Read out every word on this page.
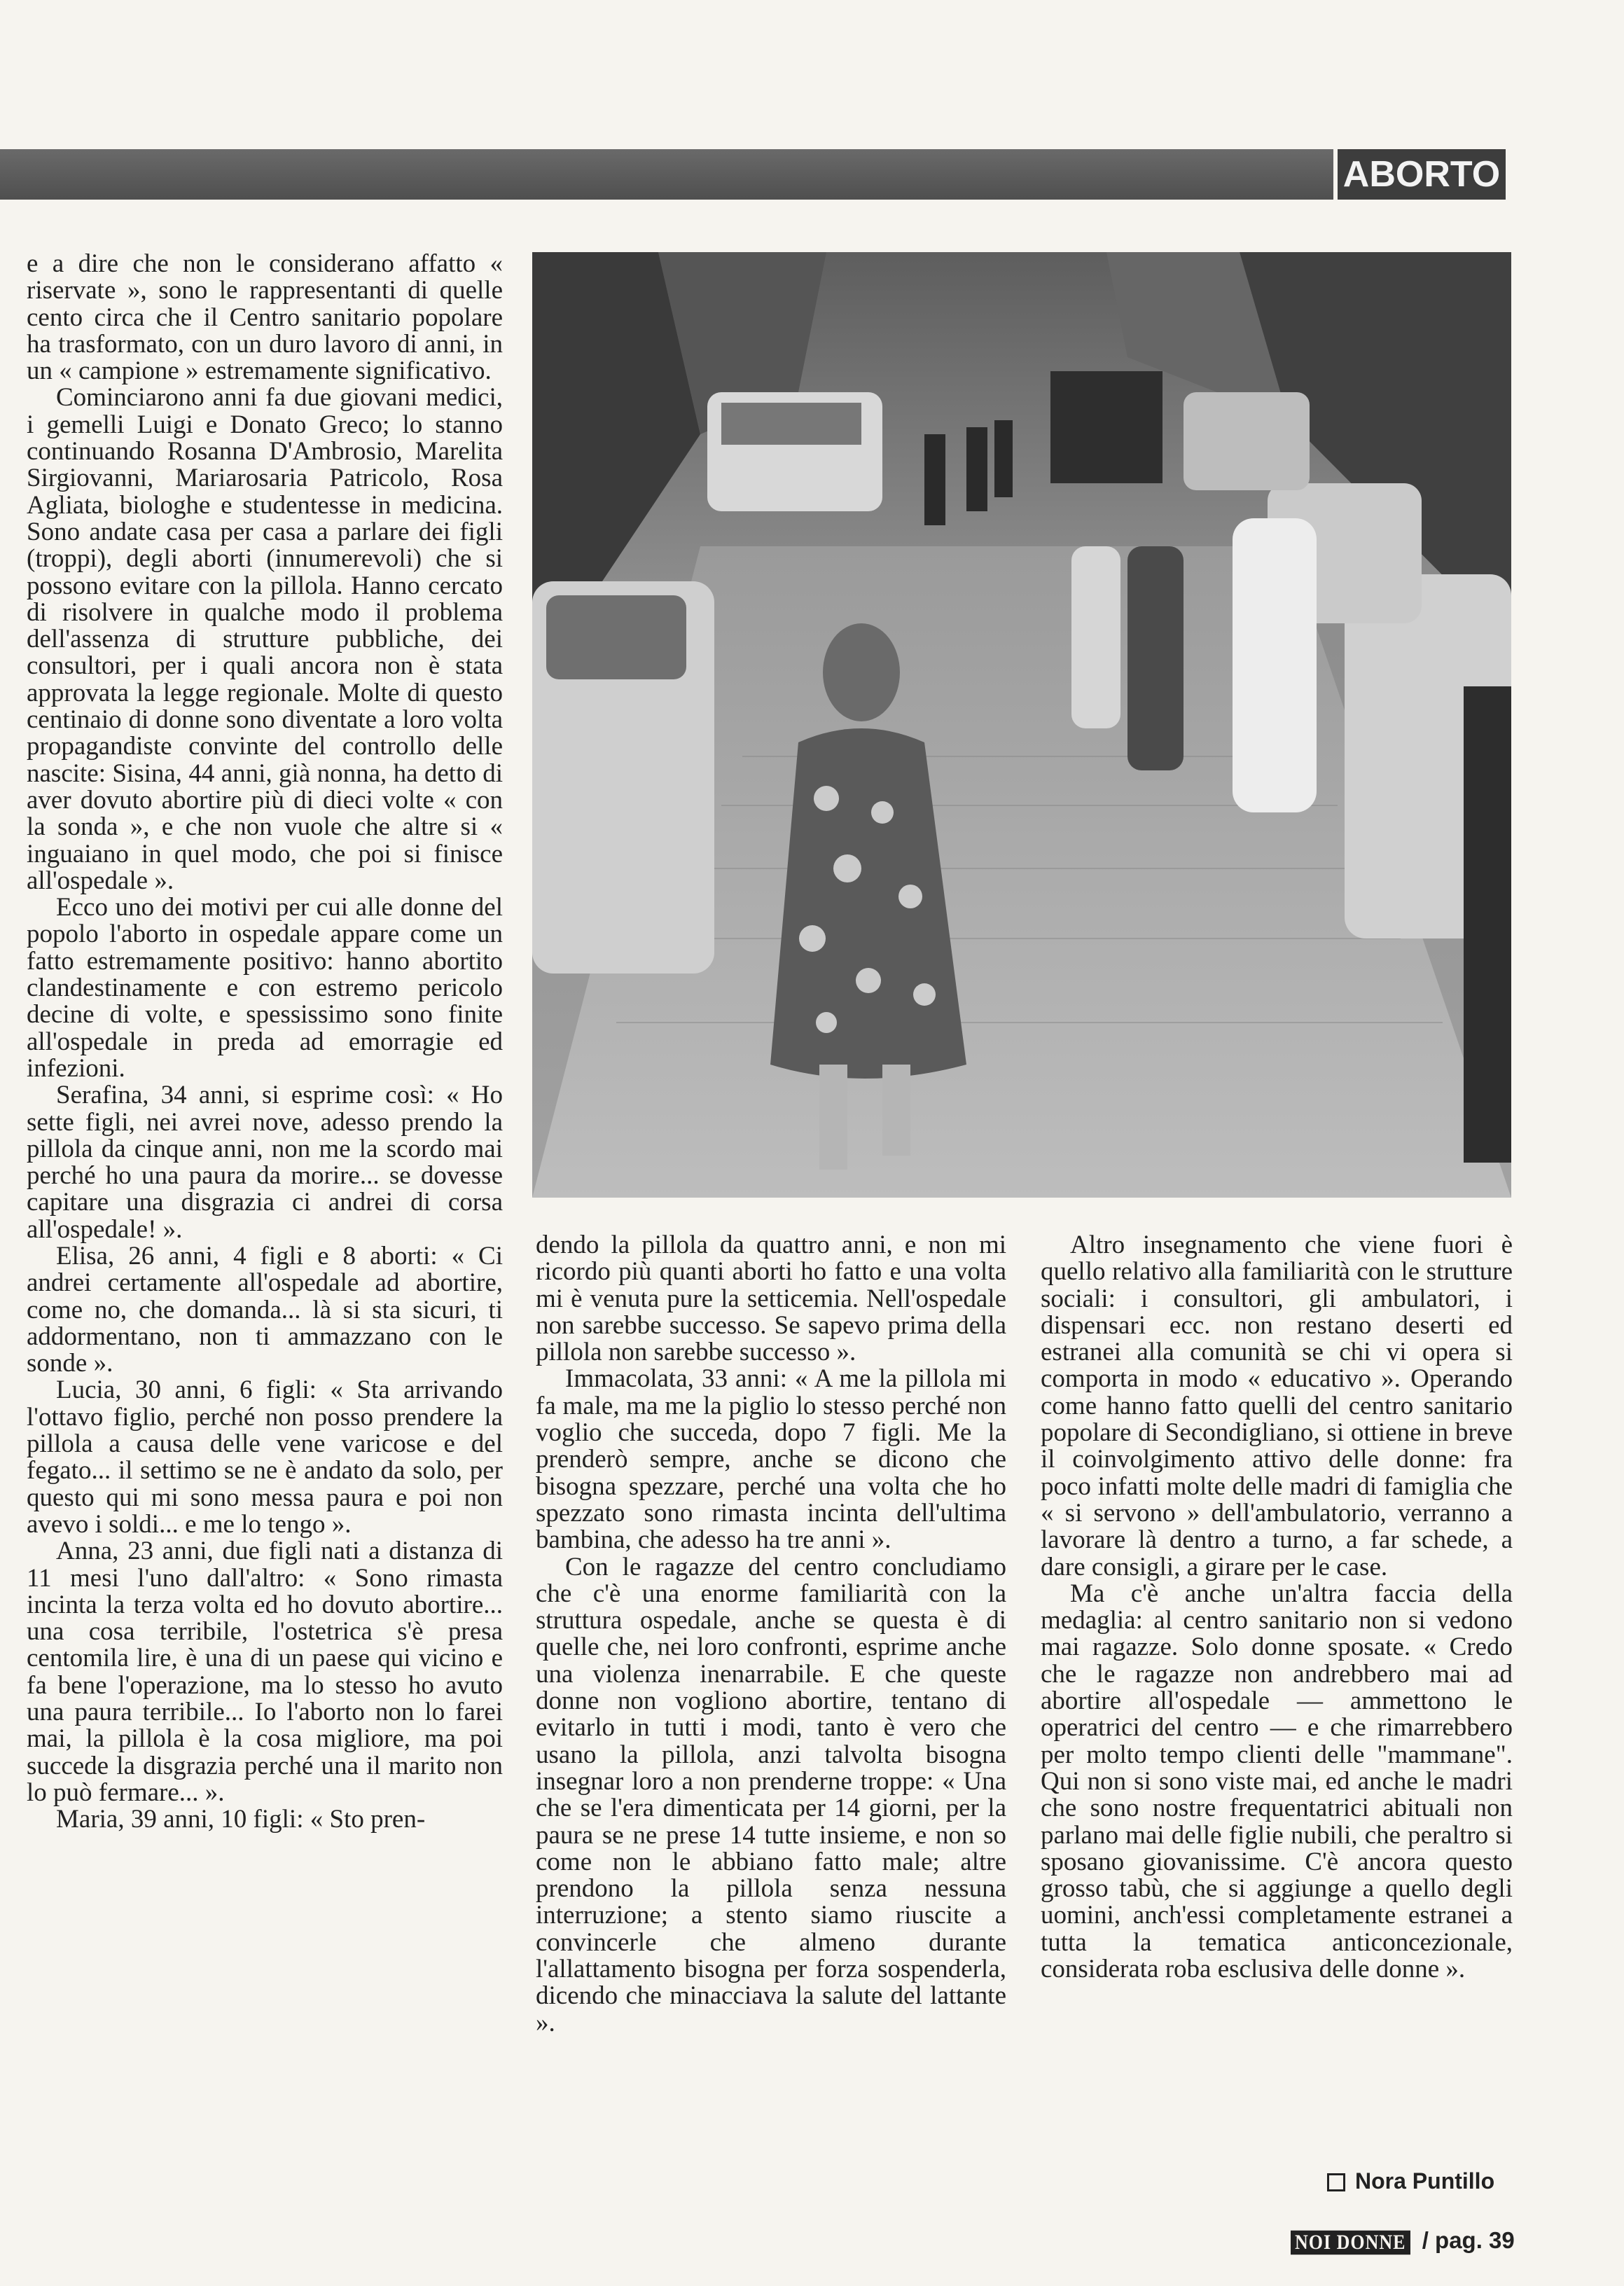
ABORTO

e a dire che non le considerano affatto « riservate », sono le rappresentanti di quelle cento circa che il Centro sanitario popolare ha trasformato, con un duro lavoro di anni, in un « campione » estremamente significativo.

Cominciarono anni fa due giovani medici, i gemelli Luigi e Donato Greco; lo stanno continuando Rosanna D'Ambrosio, Marelita Sirgiovanni, Mariarosaria Patricolo, Rosa Agliata, biologhe e studentesse in medicina. Sono andate casa per casa a parlare dei figli (troppi), degli aborti (innumerevoli) che si possono evitare con la pillola. Hanno cercato di risolvere in qualche modo il problema dell'assenza di strutture pubbliche, dei consultori, per i quali ancora non è stata approvata la legge regionale. Molte di questo centinaio di donne sono diventate a loro volta propagandiste convinte del controllo delle nascite: Sisina, 44 anni, già nonna, ha detto di aver dovuto abortire più di dieci volte « con la sonda », e che non vuole che altre si « inguaiano in quel modo, che poi si finisce all'ospedale ».

Ecco uno dei motivi per cui alle donne del popolo l'aborto in ospedale appare come un fatto estremamente positivo: hanno abortito clandestinamente e con estremo pericolo decine di volte, e spessissimo sono finite all'ospedale in preda ad emorragie ed infezioni.

Serafina, 34 anni, si esprime così: « Ho sette figli, nei avrei nove, adesso prendo la pillola da cinque anni, non me la scordo mai perché ho una paura da morire... se dovesse capitare una disgrazia ci andrei di corsa all'ospedale! ».

Elisa, 26 anni, 4 figli e 8 aborti: « Ci andrei certamente all'ospedale ad abortire, come no, che domanda... là si sta sicuri, ti addormentano, non ti ammazzano con le sonde ».

Lucia, 30 anni, 6 figli: « Sta arrivando l'ottavo figlio, perché non posso prendere la pillola a causa delle vene varicose e del fegato... il settimo se ne è andato da solo, per questo qui mi sono messa paura e poi non avevo i soldi... e me lo tengo ».

Anna, 23 anni, due figli nati a distanza di 11 mesi l'uno dall'altro: « Sono rimasta incinta la terza volta ed ho dovuto abortire... una cosa terribile, l'ostetrica s'è presa centomila lire, è una di un paese qui vicino e fa bene l'operazione, ma lo stesso ho avuto una paura terribile... Io l'aborto non lo farei mai, la pillola è la cosa migliore, ma poi succede la disgrazia perché una il marito non lo può fermare... ».

Maria, 39 anni, 10 figli: « Sto pren-

dendo la pillola da quattro anni, e non mi ricordo più quanti aborti ho fatto e una volta mi è venuta pure la setticemia. Nell'ospedale non sarebbe successo. Se sapevo prima della pillola non sarebbe successo ».

Immacolata, 33 anni: « A me la pillola mi fa male, ma me la piglio lo stesso perché non voglio che succeda, dopo 7 figli. Me la prenderò sempre, anche se dicono che bisogna spezzare, perché una volta che ho spezzato sono rimasta incinta dell'ultima bambina, che adesso ha tre anni ».

Con le ragazze del centro concludiamo che c'è una enorme familiarità con la struttura ospedale, anche se questa è di quelle che, nei loro confronti, esprime anche una violenza inenarrabile. E che queste donne non vogliono abortire, tentano di evitarlo in tutti i modi, tanto è vero che usano la pillola, anzi talvolta bisogna insegnar loro a non prenderne troppe: « Una che se l'era dimenticata per 14 giorni, per la paura se ne prese 14 tutte insieme, e non so come non le abbiano fatto male; altre prendono la pillola senza nessuna interruzione; a stento siamo riuscite a convincerle che almeno durante l'allattamento bisogna per forza sospenderla, dicendo che minacciava la salute del lattante ».

Altro insegnamento che viene fuori è quello relativo alla familiarità con le strutture sociali: i consultori, gli ambulatori, i dispensari ecc. non restano deserti ed estranei alla comunità se chi vi opera si comporta in modo « educativo ». Operando come hanno fatto quelli del centro sanitario popolare di Secondigliano, si ottiene in breve il coinvolgimento attivo delle donne: fra poco infatti molte delle madri di famiglia che « si servono » dell'ambulatorio, verranno a lavorare là dentro a turno, a far schede, a dare consigli, a girare per le case.

Ma c'è anche un'altra faccia della medaglia: al centro sanitario non si vedono mai ragazze. Solo donne sposate. « Credo che le ragazze non andrebbero mai ad abortire all'ospedale — ammettono le operatrici del centro — e che rimarrebbero per molto tempo clienti delle "mammane". Qui non si sono viste mai, ed anche le madri che sono nostre frequentatrici abituali non parlano mai delle figlie nubili, che peraltro si sposano giovanissime. C'è ancora questo grosso tabù, che si aggiunge a quello degli uomini, anch'essi completamente estranei a tutta la tematica anticoncezionale, considerata roba esclusiva delle donne ».

Nora Puntillo
NOI DONNE / pag. 39
